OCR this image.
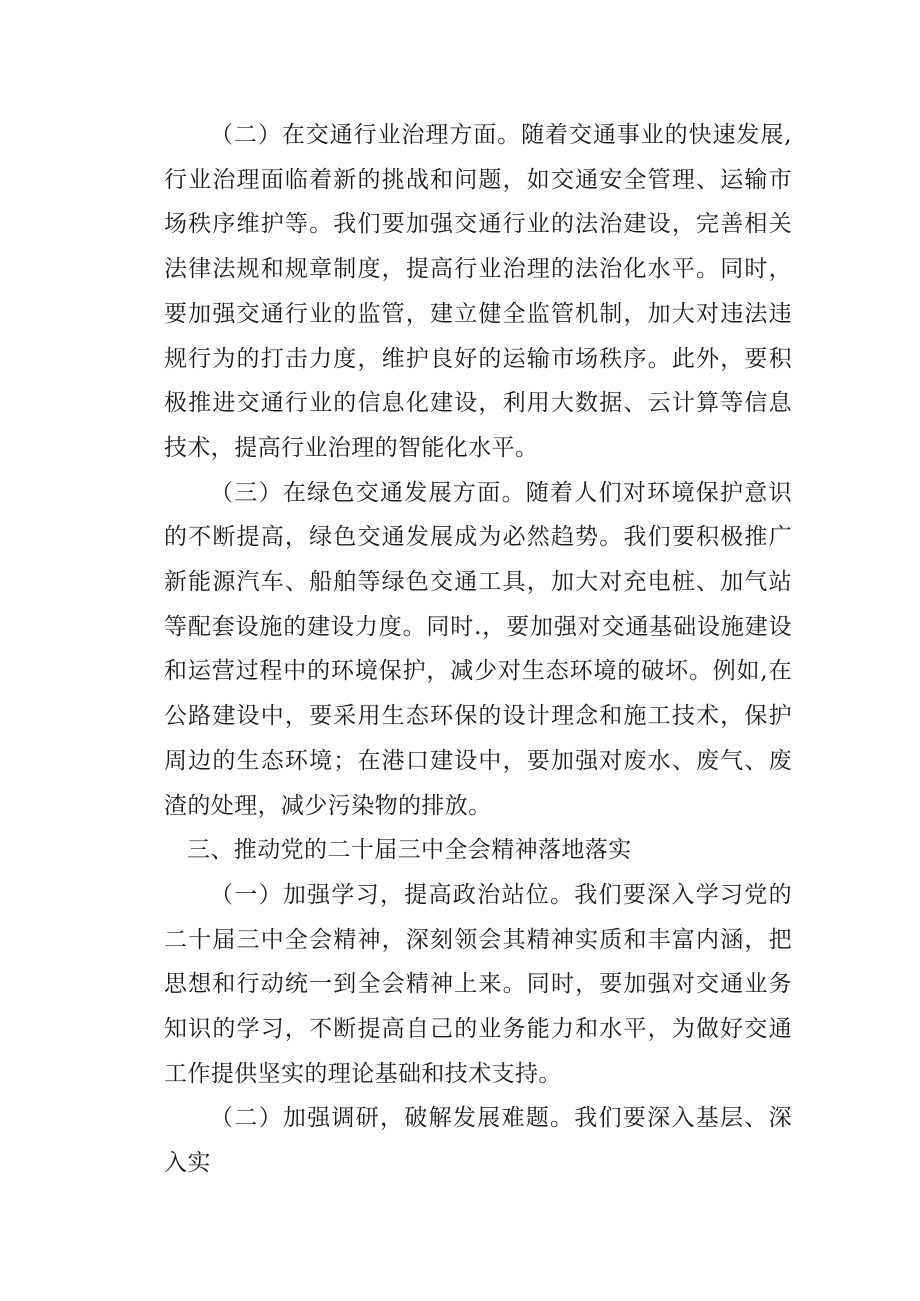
（二）在交通行业治理方面。随着交通事业的快速发展,行业治理面临着新的挑战和问题，如交通安全管理、运输市场秩序维护等。我们要加强交通行业的法治建设，完善相关法律法规和规章制度，提高行业治理的法治化水平。同时，要加强交通行业的监管，建立健全监管机制，加大对违法违规行为的打击力度，维护良好的运输市场秩序。此外，要积极推进交通行业的信息化建设，利用大数据、云计算等信息技术，提高行业治理的智能化水平。

（三）在绿色交通发展方面。随着人们对环境保护意识的不断提高，绿色交通发展成为必然趋势。我们要积极推广新能源汽车、船舶等绿色交通工具，加大对充电桩、加气站等配套设施的建设力度。同时.，要加强对交通基础设施建设和运营过程中的环境保护，减少对生态环境的破坏。例如,在公路建设中，要采用生态环保的设计理念和施工技术，保护周边的生态环境；在港口建设中，要加强对废水、废气、废渣的处理，减少污染物的排放。

三、推动党的二十届三中全会精神落地落实

（一）加强学习，提高政治站位。我们要深入学习党的二十届三中全会精神，深刻领会其精神实质和丰富内涵，把思想和行动统一到全会精神上来。同时，要加强对交通业务知识的学习，不断提高自己的业务能力和水平，为做好交通工作提供坚实的理论基础和技术支持。

（二）加强调研，破解发展难题。我们要深入基层、深入实
